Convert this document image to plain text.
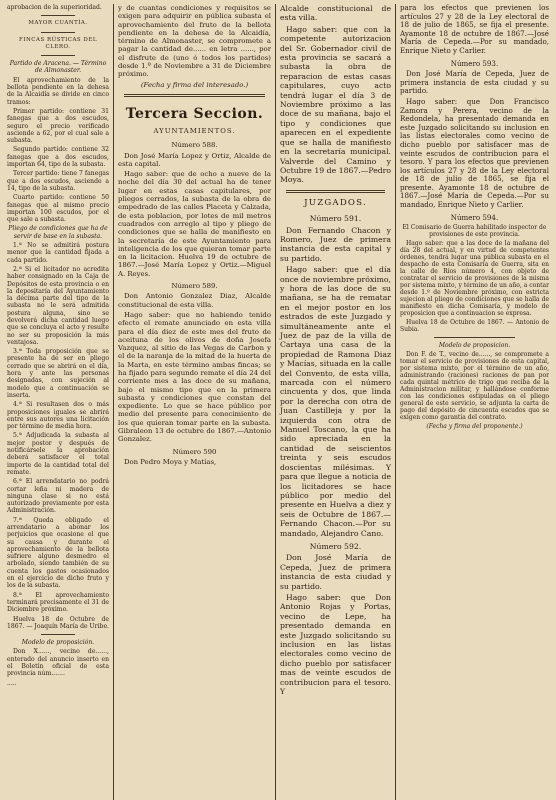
aprobacion de la superioridad.

MAYOR CUANTÍA.

FINCAS RÚSTICAS DEL CLERO.

Partido de Aracena. — Término de Almonaster.

El aprovechamiento de la bellota pendiente en la dehesa de la Alcaidía se divide en cinco tramos:

Primer partido: contiene 31 fanegas que a dos escudos, seguro el precio verificado asciende a 62, por el cual sale a subasta.

Segundo partido: contiene 32 fanegas que a dos escudos, importan 64, tipo de la subasta.

Tercer partido: tiene 7 fanegas que a dos escudos, asciende a 14, tipo de la subasta.

Cuarto partido: contiene 50 fanegas que al mismo precio importan 100 escudos, por el que sale a subasta.

Pliego de condiciones que ha de servir de base en la subasta.

1.ª No se admitirá postura menor que la cantidad fijada a cada partido.

2.ª Si el licitador no acredita haber consignado en la Caja de Depósitos de esta provincia o en la depositaría del Ayuntamiento la décima parte del tipo de la subasta no le será admitida postura alguna, sino se devolverá dicha cantidad luego que se concluya el acto y resulte no ser su proposición la más ventajosa.

3.ª Toda proposición que se presente ha de ser en pliego cerrado que se abrirá en el día, hora y ante las personas designadas, con sujeción al modelo que a continuación se inserta.

4.ª Si resultasen dos o más proposiciones iguales se abrirá entre sus autores una licitación por término de media hora.

5.ª Adjudicada la subasta al mejor postor y después de notificársele la aprobación deberá satisfacer el total importe de la cantidad total del remate.

6.ª El arrendatario no podrá cortar leña ni madera de ninguna clase si no está autorizado previamente por esta Administración.

7.ª Queda obligado el arrendatario a abonar los perjuicios que ocasione el que su causa y durante el aprovechamiento de la bellota sufriere alguno desmedro el arbolado, siendo también de su cuenta los gastos ocasionados en el ejercicio de dicho fruto y los de la subasta.

8.ª El aprovechamiento terminará precisamente el 31 de Diciembre próximo.

Huelva 18 de Octubre de 1867. — Joaquín María de Uribe.

Modelo de proposición.

Don X......, vecino de......, enterado del anuncio inserto en el Boletín oficial de esta provincia núm.......

.....

y de cuantas condiciones y requisitos se exigen para adquirir en pública subasta el aprovechamiento del fruto de la bellota pendiente en la dehesa de la Alcaidía, término de Almonaster, se compromete a pagar la cantidad de...... en letra ......, por el disfrute de (uno ó todos los partidos) desde 1.º de Noviembre a 31 de Diciembre próximo.

(Fecha y firma del interesado.)

Tercera Seccion.
AYUNTAMIENTOS.
Número 588.

Don José María Lopez y Ortiz, Alcalde de esta capital.

Hago saber: que de ocho a nueve de la noche del día 30 del actual ha de tener lugar en estas casas capitulares, por pliegos cerrados, la subasta de la obra de empedrado de las calles Placeta y Calzada, de esta poblacion, por lotes de mil metros cuadrados con arreglo al tipo y pliego de condiciones que se halla de manifiesto en la secretaría de este Ayuntamiento para inteligencia de los que quieran tomar parte en la licitacion. Huelva 19 de octubre de 1867.—José María Lopez y Ortiz.—Miguel A. Reyes.

Número 589.

Don Antonio Gonzalez Diaz, Alcalde constitucional de esta villa.

Hago saber: que no habiendo tenido efecto el remate anunciado en esta villa para el día diez de este mes del fruto de aceituna de los olivos de doña Josefa Vazquez, al sitio de las Vegas de Carbon y el de la naranja de la mitad de la huerta de la Marta, en este término ambas fincas; se ha fijado para segundo remate el día 24 del corriente mes a las doce de su mañana, bajo el mismo tipo que en la primera subasta y condiciones que constan del expediente. Lo que se hace público por medio del presente para conocimiento de los que quieran tomar parte en la subasta. Gibraleon 13 de octubre de 1867.—Antonio Gonzalez.

Número 590

Don Pedro Moya y Matías,

Alcalde constitucional de esta villa.

Hago saber: que con la competente autorizacion del Sr. Gobernador civil de esta provincia se sacará a subasta la obra de reparacion de estas casas capitulares, cuyo acto tendrá lugar el día 3 de Noviembre próximo a las doce de su mañana, bajo el tipo y condiciones que aparecen en el expediente que se halla de manifiesto en la secretaría municipal. Valverde del Camino y Octubre 19 de 1867.—Pedro Moya.

JUZGADOS.
Número 591.

Don Fernando Chacon y Romero, Juez de primera instancia de esta capital y su partido.

Hago saber: que el día once de noviembre próximo, y hora de las doce de su mañana, se ha de rematar en el mejor postor en los estrados de este Juzgado y simultáneamente ante el Juez de paz de la villa de Cartaya una casa de la propiedad de Ramona Diaz y Macías, situada en la calle del Convento, de esta villa, marcada con el número cincuenta y dos, que linda por la derecha con otra de Juan Castilleja y por la izquierda con otra de Manuel Toscano, la que ha sido apreciada en la cantidad de seiscientos treinta y seis escudos doscientas milésimas. Y para que llegue a noticia de los licitadores se hace público por medio del presente en Huelva a diez y seis de Octubre de 1867.—Fernando Chacon.—Por su mandado, Alejandro Cano.

Número 592.

Don José María de Cepeda, Juez de primera instancia de esta ciudad y su partido.

Hago saber: que Don Antonio Rojas y Portas, vecino de Lepe, ha presentado demanda en este Juzgado solicitando su inclusion en las listas electorales como vecino de dicho pueblo por satisfacer mas de veinte escudos de contribucion para el tesoro. Y

para los efectos que previenen los artículos 27 y 28 de la Ley electoral de 18 de julio de 1865, se fija el presente. Ayamonte 18 de octubre de 1867.—José María de Cepeda.—Por su mandado, Enrique Nieto y Carlier.

Número 593.

Don José María de Cepeda, Juez de primera instancia de esta ciudad y su partido.

Hago saber: que Don Francisco Zamora y Perera, vecino de la Redondela, ha presentado demanda en este Juzgado solicitando su inclusion en las listas electorales como vecino de dicho pueblo por satisfacer mas de veinte escudos de contribucion para el tesoro. Y para los efectos que previenen los artículos 27 y 28 de la Ley electoral de 18 de julio de 1865, se fija el presente. Ayamonte 18 de octubre de 1867.—José María de Cepeda.—Por su mandado, Enrique Nieto y Carlier.

Número 594.

El Comisario de Guerra habilitado inspector de provisiones de este provincia.

Hago saber: que a las doce de la mañana del día 28 del actual, y en virtud de competentes órdenes, tendrá lugar una pública subasta en el despacho de esta Comisaría de Guerra, sita en la calle de Ríos número 4, con objeto de contratar el servicio de provisiones de la misma por sistema mixto, y término de un año, a contar desde 1.º de Noviembre próximo, con estricta sujecion al pliego de condiciones que se halla de manifiesto en dicha Comisaría, y modelo de proposicion que a continuacion se expresa.

Huelva 18 de Octubre de 1867. — Antonio de Subia.

Modelo de proposicion.

Don F. de T., vecino de......, se compromete a tomar el servicio de provisiones de esta capital, por sistema mixto, por el término de un año, administrando (raciones) raciones de pan por cada quintal métrico de trigo que reciba de la Administracion militar, y hallándose conforme con las condiciones estipuladas en el pliego general de este servicio, se adjunta la carta de pago del depósito de cincuenta escudos que se exigen como garantía del contrato.

(Fecha y firma del proponente.)
